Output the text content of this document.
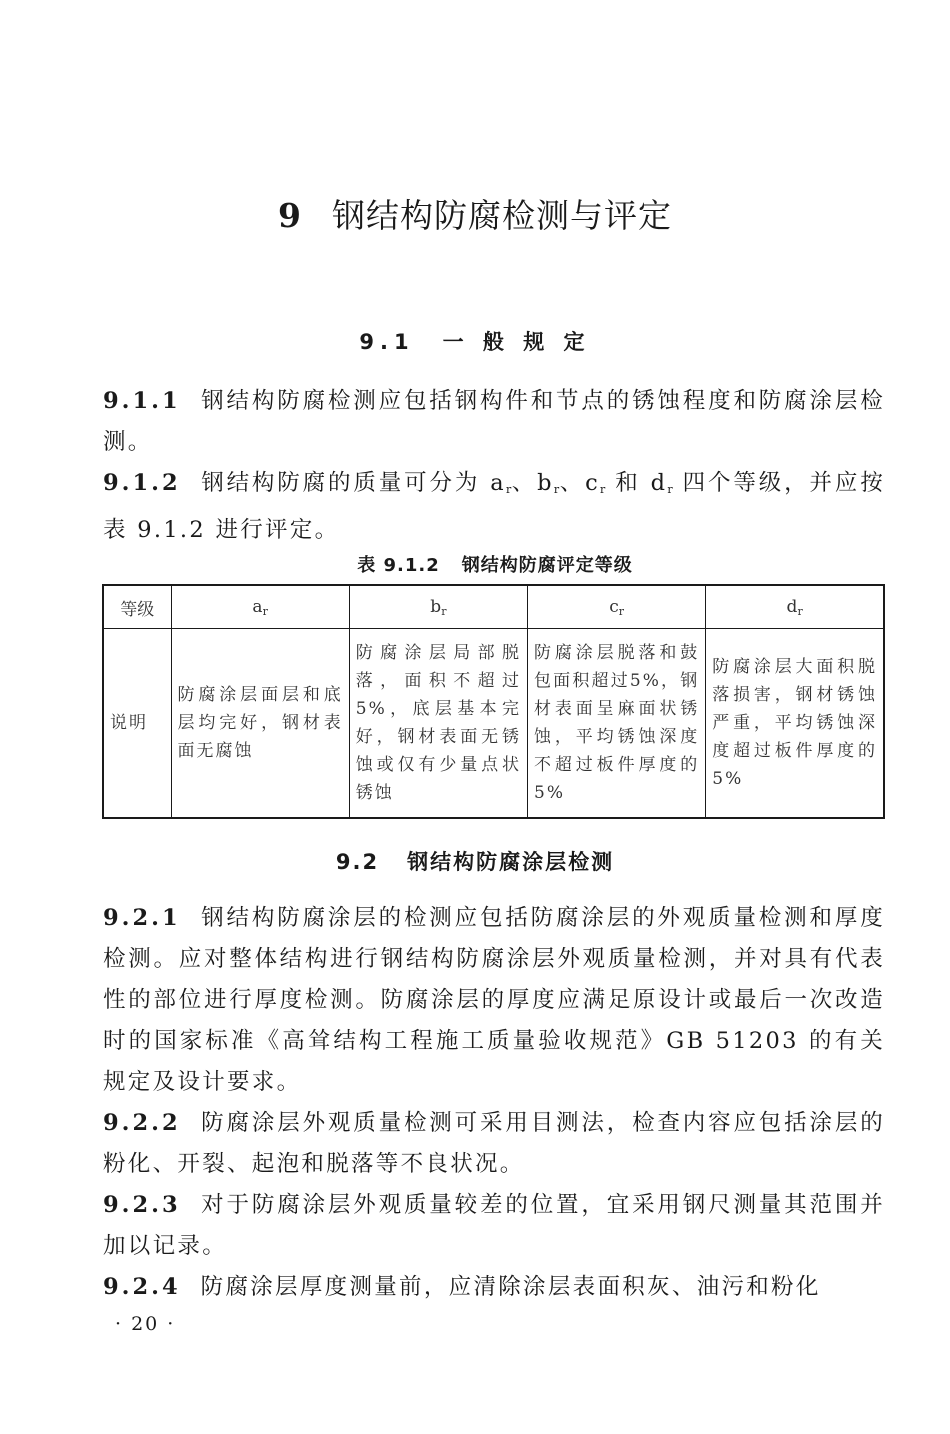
9 钢结构防腐检测与评定
9.1 一 般 规 定
9.1.1 钢结构防腐检测应包括钢构件和节点的锈蚀程度和防腐涂层检测。
9.1.2 钢结构防腐的质量可分为 $a_r$、$b_r$、$c_r$ 和 $d_r$ 四个等级，并应按表 9.1.2 进行评定。
表 9.1.2 钢结构防腐评定等级
等级	$a_r$	$b_r$	$c_r$	$d_r$
说明	防腐涂层面层和底层均完好，钢材表面无腐蚀	防腐涂层局部脱落，面积不超过5%，底层基本完好，钢材表面无锈蚀或仅有少量点状锈蚀	防腐涂层脱落和鼓包面积超过5%，钢材表面呈麻面状锈蚀，平均锈蚀深度不超过板件厚度的5%	防腐涂层大面积脱落损害，钢材锈蚀严重，平均锈蚀深度超过板件厚度的5%
9.2 钢结构防腐涂层检测
9.2.1 钢结构防腐涂层的检测应包括防腐涂层的外观质量检测和厚度检测。应对整体结构进行钢结构防腐涂层外观质量检测，并对具有代表性的部位进行厚度检测。防腐涂层的厚度应满足原设计或最后一次改造时的国家标准《高耸结构工程施工质量验收规范》GB 51203 的有关规定及设计要求。
9.2.2 防腐涂层外观质量检测可采用目测法，检查内容应包括涂层的粉化、开裂、起泡和脱落等不良状况。
9.2.3 对于防腐涂层外观质量较差的位置，宜采用钢尺测量其范围并加以记录。
9.2.4 防腐涂层厚度测量前，应清除涂层表面积灰、油污和粉化
· 20 ·
